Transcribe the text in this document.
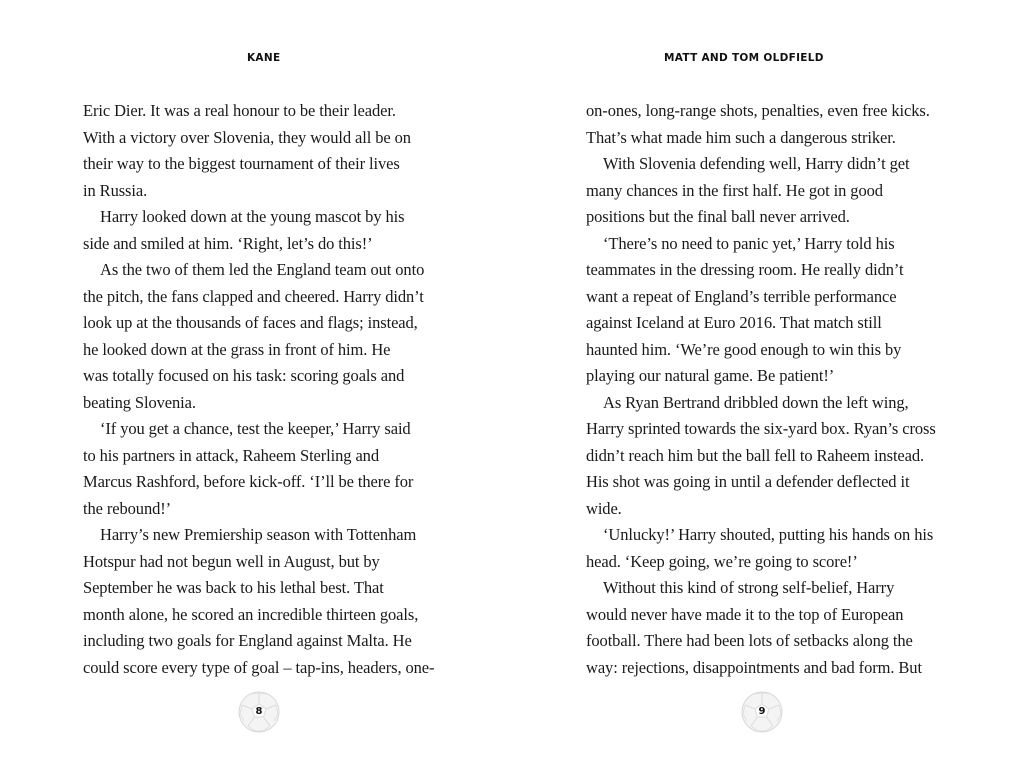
KANE
Eric Dier. It was a real honour to be their leader.
With a victory over Slovenia, they would all be on
their way to the biggest tournament of their lives
in Russia.
Harry looked down at the young mascot by his
side and smiled at him. ‘Right, let’s do this!’
As the two of them led the England team out onto
the pitch, the fans clapped and cheered. Harry didn’t
look up at the thousands of faces and flags; instead,
he looked down at the grass in front of him. He
was totally focused on his task: scoring goals and
beating Slovenia.
‘If you get a chance, test the keeper,’ Harry said
to his partners in attack, Raheem Sterling and
Marcus Rashford, before kick-off. ‘I’ll be there for
the rebound!’
Harry’s new Premiership season with Tottenham
Hotspur had not begun well in August, but by
September he was back to his lethal best. That
month alone, he scored an incredible thirteen goals,
including two goals for England against Malta. He
could score every type of goal – tap-ins, headers, one-
8
MATT AND TOM OLDFIELD
on-ones, long-range shots, penalties, even free kicks.
That’s what made him such a dangerous striker.
With Slovenia defending well, Harry didn’t get
many chances in the first half. He got in good
positions but the final ball never arrived.
‘There’s no need to panic yet,’ Harry told his
teammates in the dressing room. He really didn’t
want a repeat of England’s terrible performance
against Iceland at Euro 2016. That match still
haunted him. ‘We’re good enough to win this by
playing our natural game. Be patient!’
As Ryan Bertrand dribbled down the left wing,
Harry sprinted towards the six-yard box. Ryan’s cross
didn’t reach him but the ball fell to Raheem instead.
His shot was going in until a defender deflected it
wide.
‘Unlucky!’ Harry shouted, putting his hands on his
head. ‘Keep going, we’re going to score!’
Without this kind of strong self-belief, Harry
would never have made it to the top of European
football. There had been lots of setbacks along the
way: rejections, disappointments and bad form. But
9
